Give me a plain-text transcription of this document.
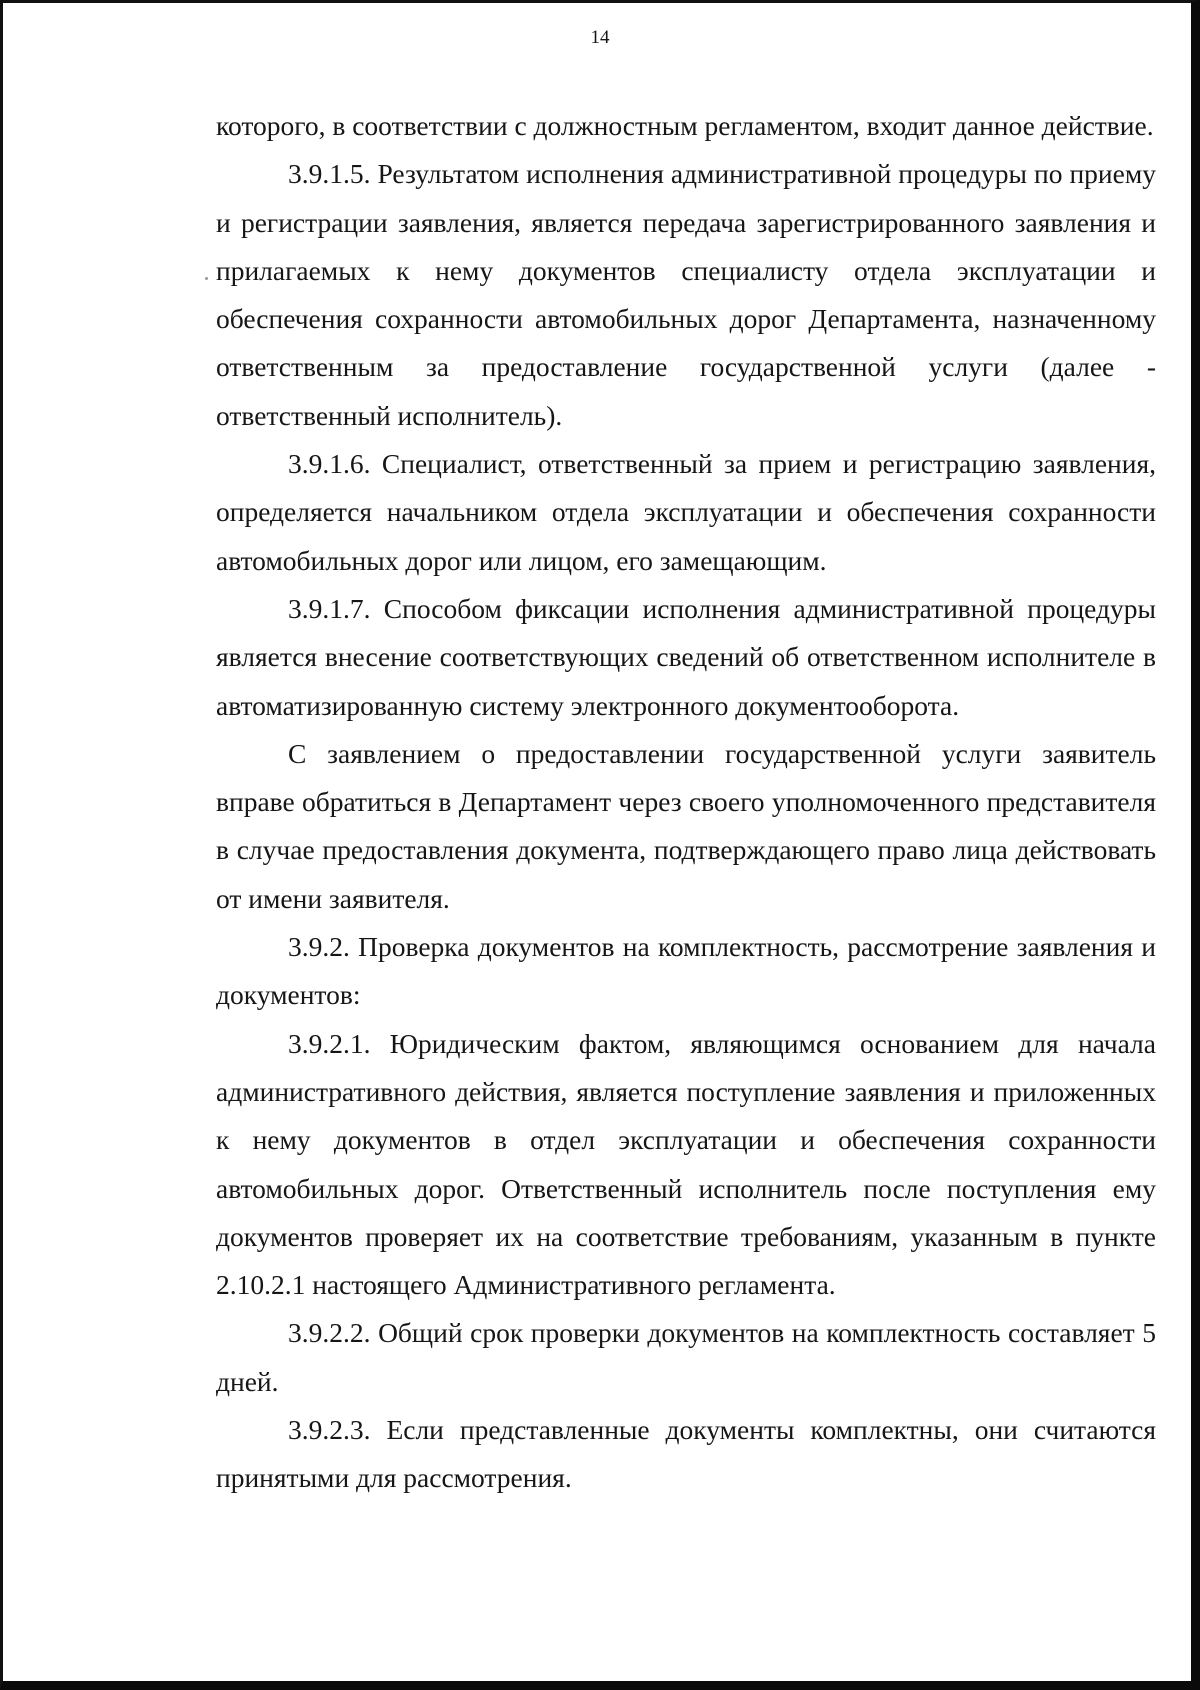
14

которого, в соответствии с должностным регламентом, входит данное действие.

3.9.1.5. Результатом исполнения административной процедуры по приему и регистрации заявления, является передача зарегистрированного заявления и прилагаемых к нему документов специалисту отдела эксплуатации и обеспечения сохранности автомобильных дорог Департамента, назначенному ответственным за предоставление государственной услуги (далее - ответственный исполнитель).

3.9.1.6. Специалист, ответственный за прием и регистрацию заявления, определяется начальником отдела эксплуатации и обеспечения сохранности автомобильных дорог или лицом, его замещающим.

3.9.1.7. Способом фиксации исполнения административной процедуры является внесение соответствующих сведений об ответственном исполнителе в автоматизированную систему электронного документооборота.

С заявлением о предоставлении государственной услуги заявитель вправе обратиться в Департамент через своего уполномоченного представителя в случае предоставления документа, подтверждающего право лица действовать от имени заявителя.

3.9.2. Проверка документов на комплектность, рассмотрение заявления и документов:

3.9.2.1. Юридическим фактом, являющимся основанием для начала административного действия, является поступление заявления и приложенных к нему документов в отдел эксплуатации и обеспечения сохранности автомобильных дорог. Ответственный исполнитель после поступления ему документов проверяет их на соответствие требованиям, указанным в пункте 2.10.2.1 настоящего Административного регламента.

3.9.2.2. Общий срок проверки документов на комплектность составляет 5 дней.

3.9.2.3. Если представленные документы комплектны, они считаются принятыми для рассмотрения.
